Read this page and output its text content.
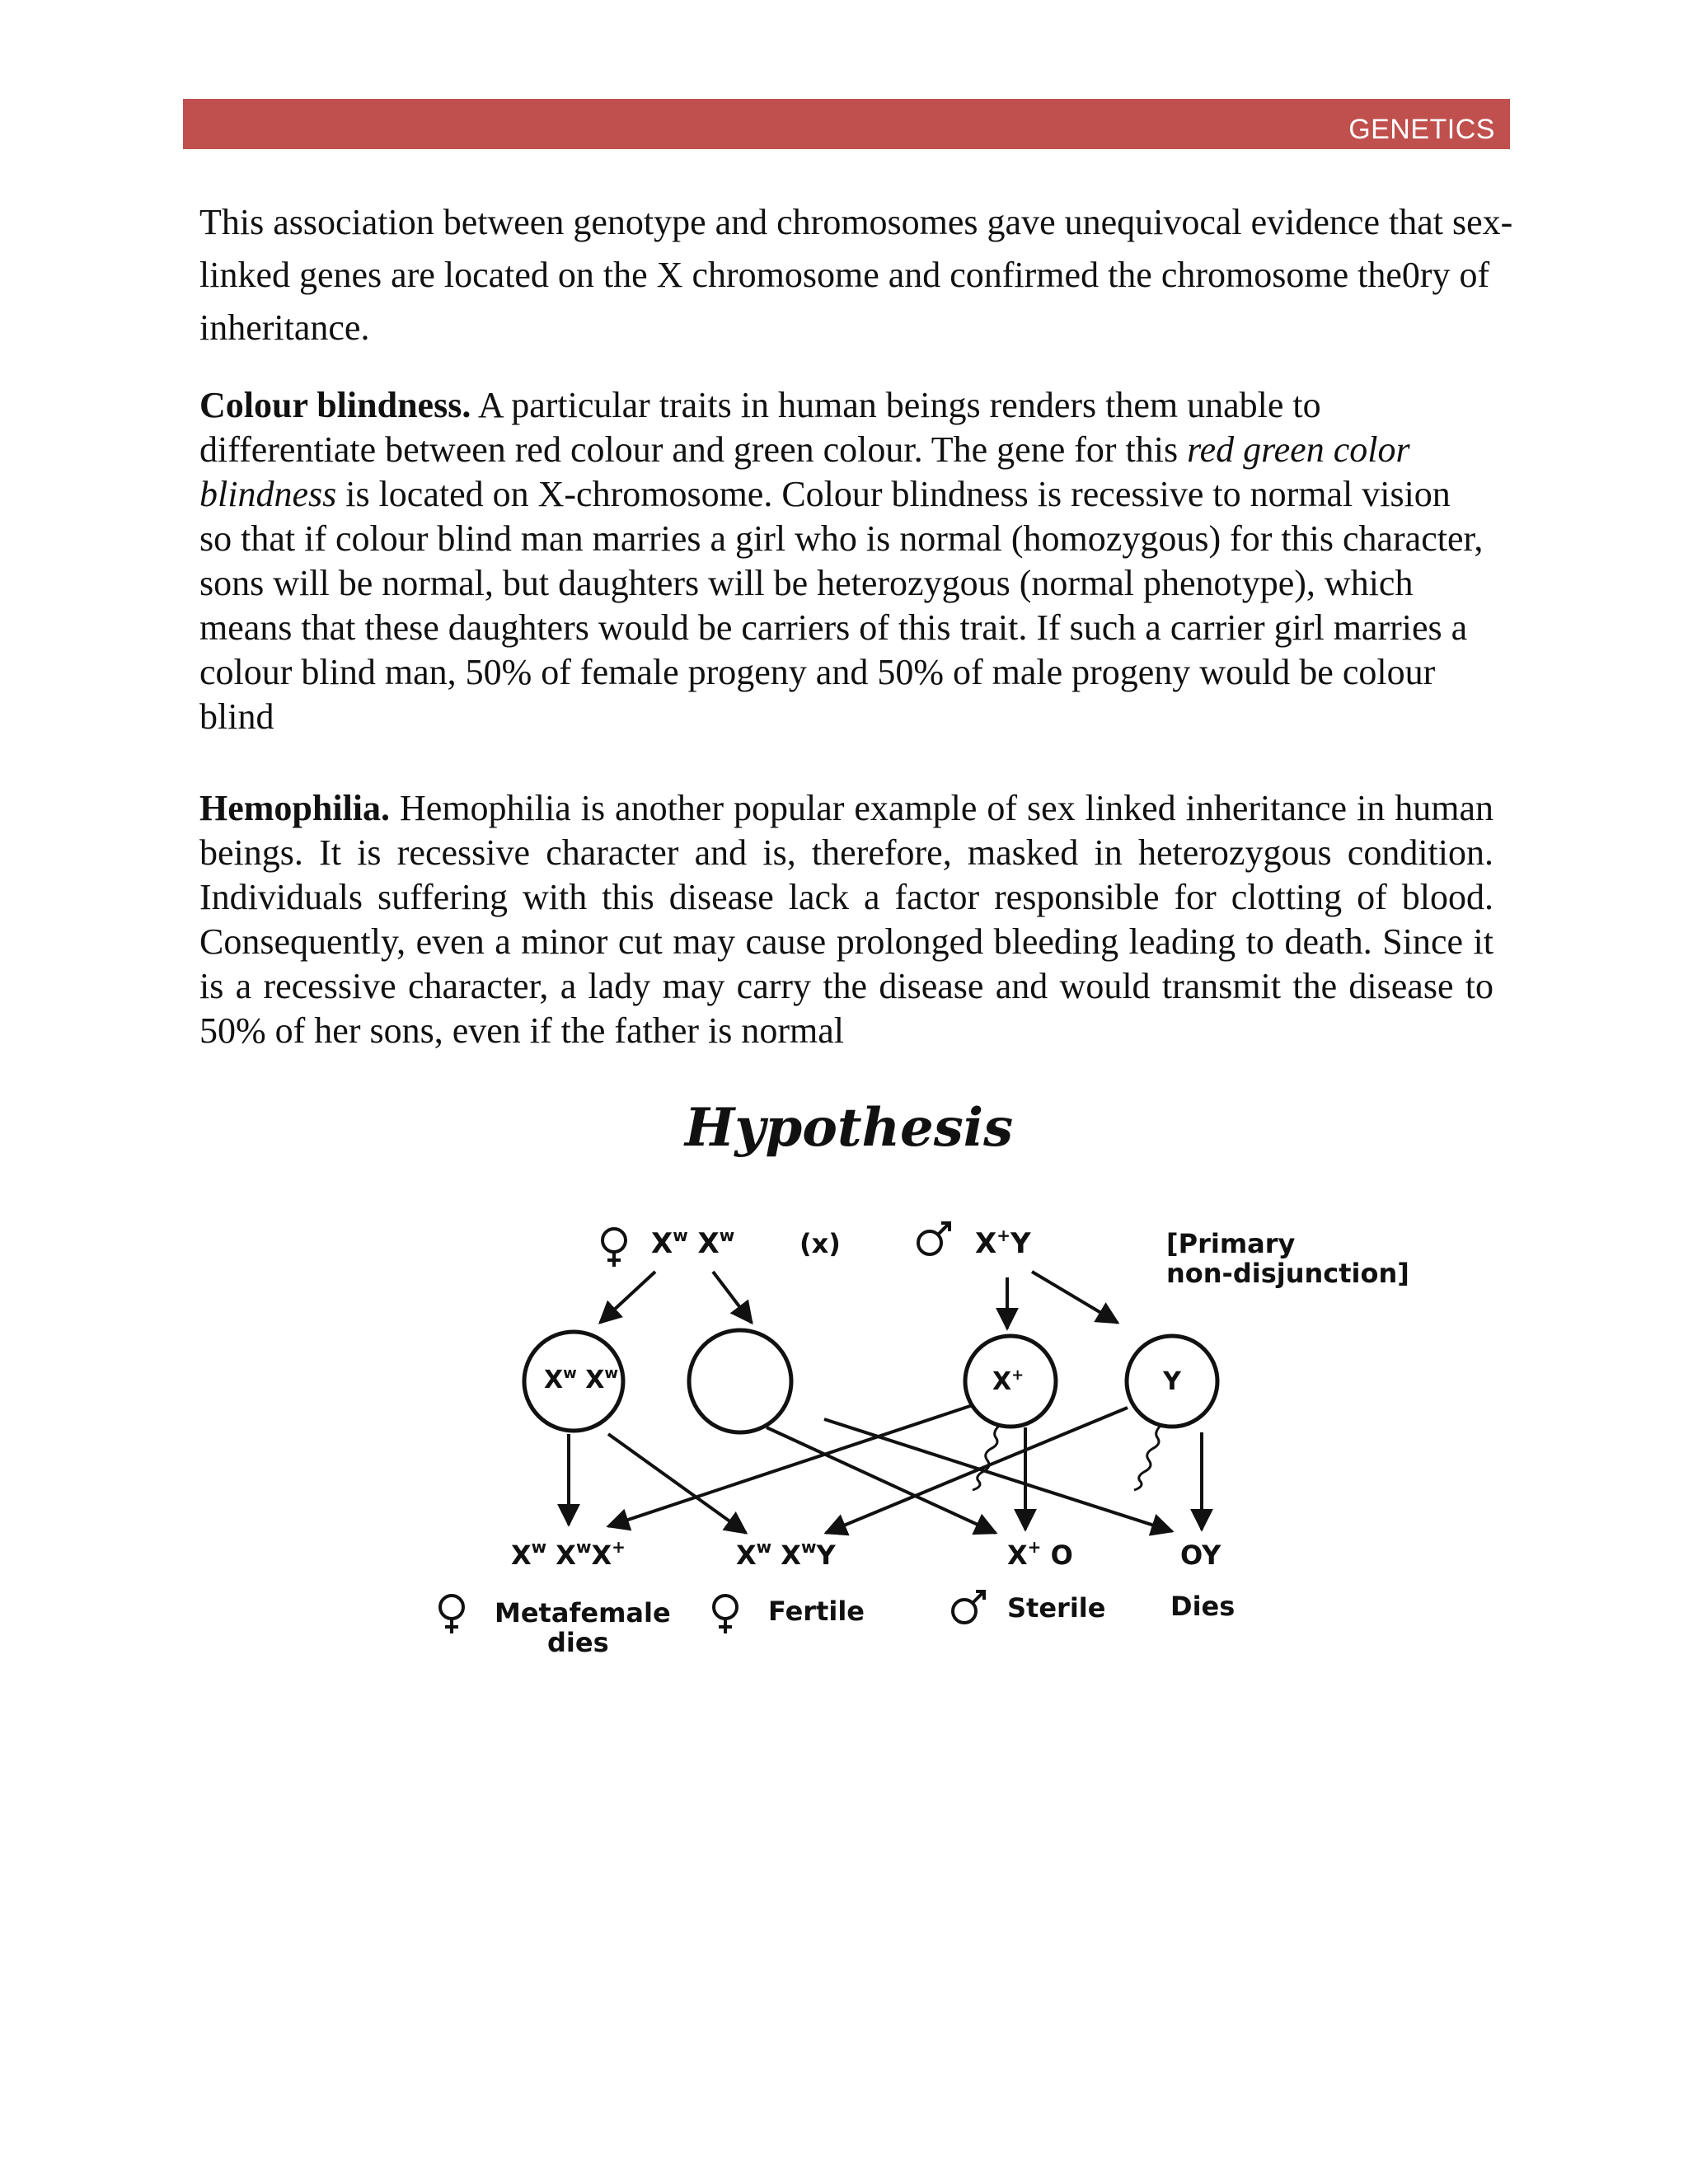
GENETICS
This association between genotype and chromosomes gave unequivocal evidence that sex-linked genes are located on the X chromosome and confirmed the chromosome the0ry of inheritance.
Colour blindness. A particular traits in human beings renders them unable to differentiate between red colour and green colour. The gene for this red green color blindness is located on X-chromosome. Colour blindness is recessive to normal vision so that if colour blind man marries a girl who is normal (homozygous) for this character, sons will be normal, but daughters will be heterozygous (normal phenotype), which means that these daughters would be carriers of this trait. If such a carrier girl marries a colour blind man, 50% of female progeny and 50% of male progeny would be colour blind
Hemophilia. Hemophilia is another popular example of sex linked inheritance in human beings. It is recessive character and is, therefore, masked in heterozygous condition. Individuals suffering with this disease lack a factor responsible for clotting of blood. Consequently, even a minor cut may cause prolonged bleeding leading to death. Since it is a recessive character, a lady may carry the disease and would transmit the disease to 50% of her sons, even if the father is normal
Hypothesis
$X^w$ $X^w$ (x)	X+Y	[Primary
non-disjunction]
$X^w$ $X^w$	X+	Y
$X^w$ $X^wX^+$	$X^w$ $X^wY$	X+ O	OY
Metafemale
dies
Fertile	Sterile Dies
